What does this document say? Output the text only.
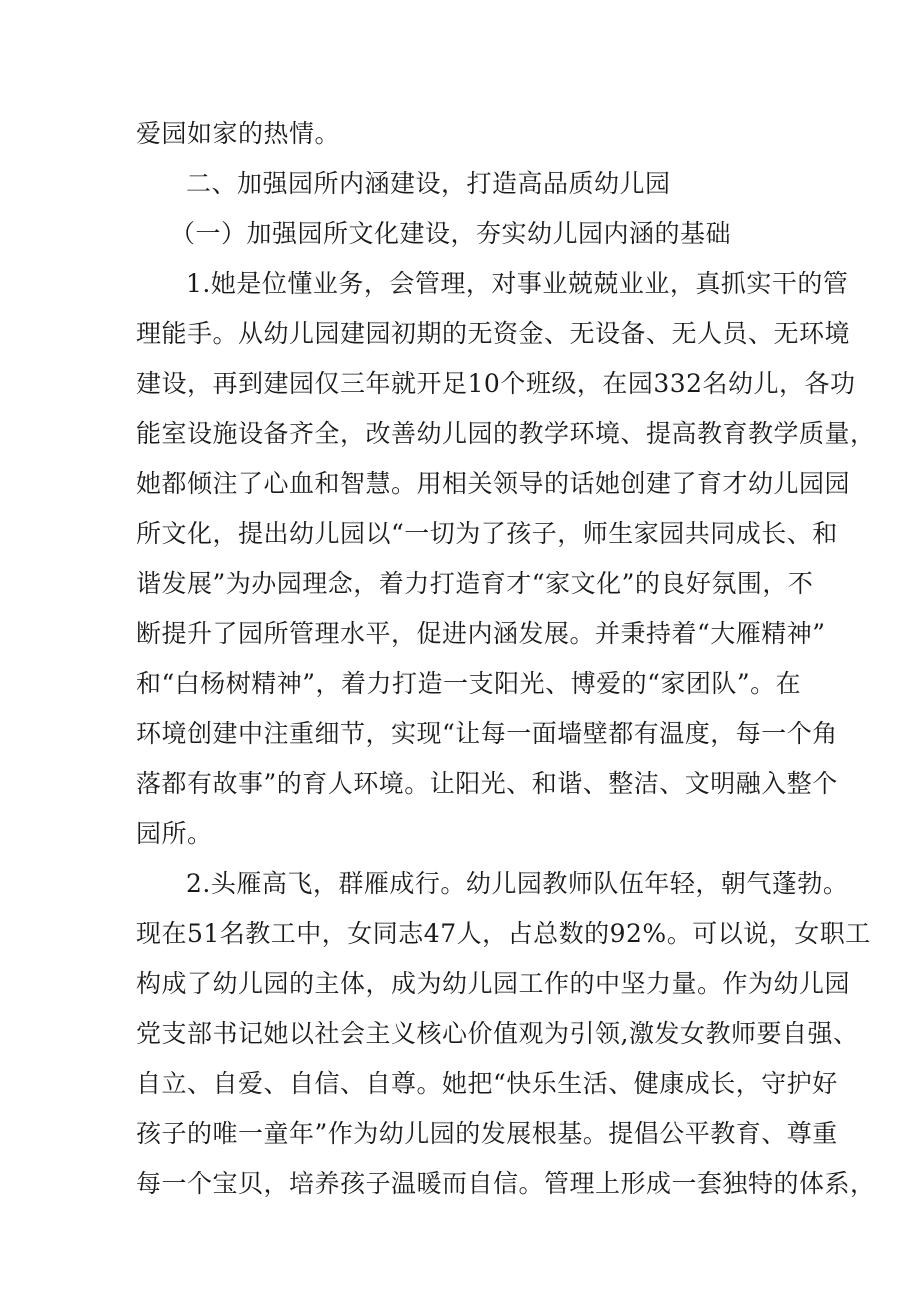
爱园如家的热情。
二、加强园所内涵建设，打造高品质幼儿园
（一）加强园所文化建设，夯实幼儿园内涵的基础
1.她是位懂业务，会管理，对事业兢兢业业，真抓实干的管
理能手。从幼儿园建园初期的无资金、无设备、无人员、无环境
建设，再到建园仅三年就开足10个班级，在园332名幼儿，各功
能室设施设备齐全，改善幼儿园的教学环境、提高教育教学质量，
她都倾注了心血和智慧。用相关领导的话她创建了育才幼儿园园
所文化，提出幼儿园以“一切为了孩子，师生家园共同成长、和
谐发展”为办园理念，着力打造育才“家文化”的良好氛围，不
断提升了园所管理水平，促进内涵发展。并秉持着“大雁精神”
和“白杨树精神”，着力打造一支阳光、博爱的“家团队”。在
环境创建中注重细节，实现“让每一面墙壁都有温度，每一个角
落都有故事”的育人环境。让阳光、和谐、整洁、文明融入整个
园所。
2.头雁高飞，群雁成行。幼儿园教师队伍年轻，朝气蓬勃。
现在51名教工中，女同志47人，占总数的92%。可以说，女职工
构成了幼儿园的主体，成为幼儿园工作的中坚力量。作为幼儿园
党支部书记她以社会主义核心价值观为引领,激发女教师要自强、
自立、自爱、自信、自尊。她把“快乐生活、健康成长，守护好
孩子的唯一童年”作为幼儿园的发展根基。提倡公平教育、尊重
每一个宝贝，培养孩子温暖而自信。管理上形成一套独特的体系，
